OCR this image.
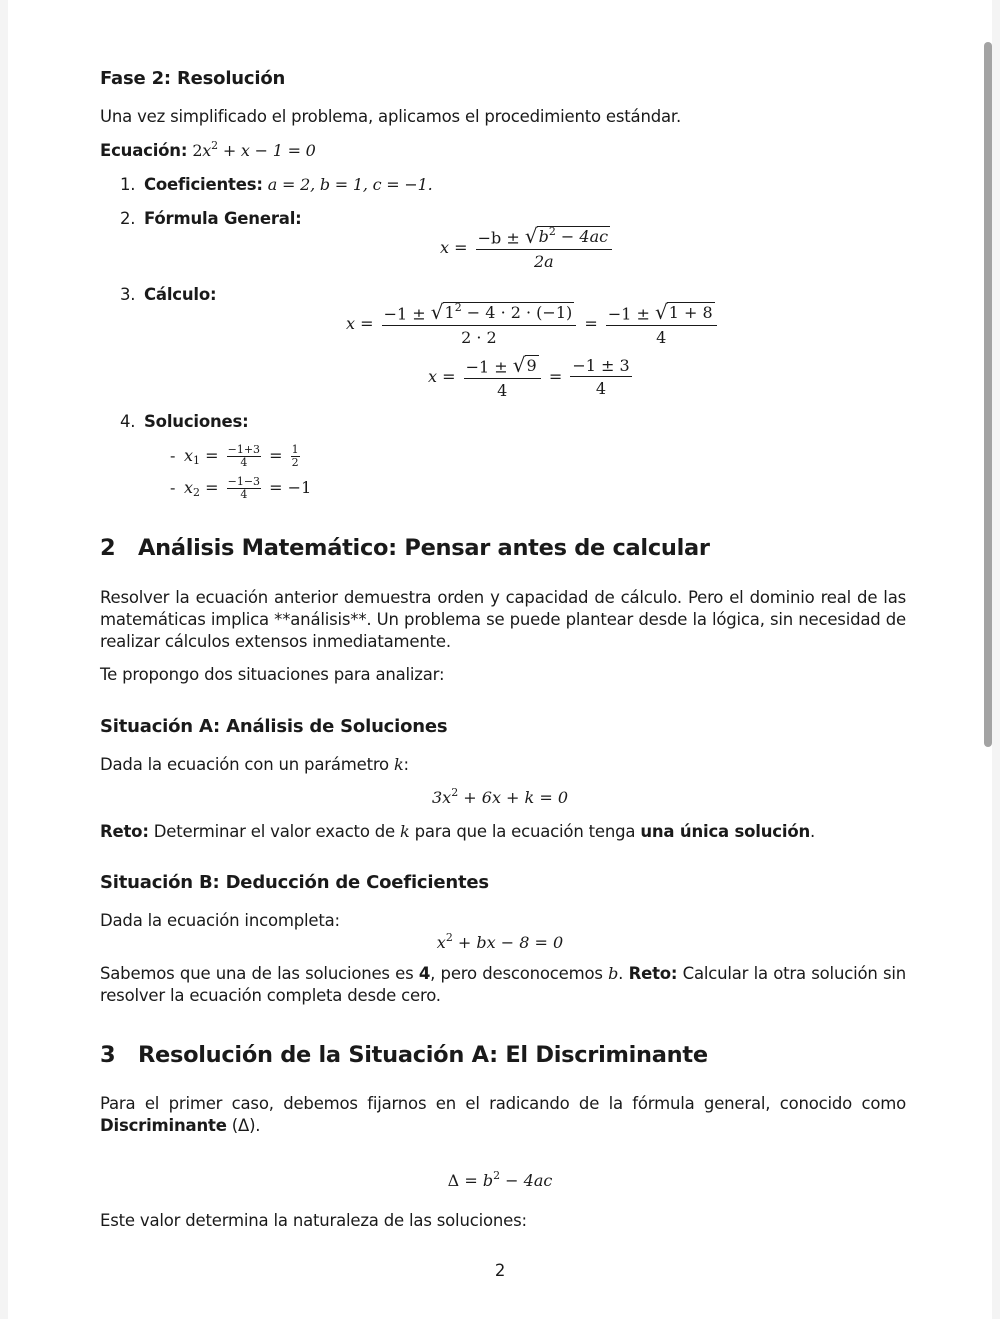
Fase 2: Resolución
Una vez simplificado el problema, aplicamos el procedimiento estándar.
Ecuación: $2x^2 + x - 1 = 0$
1. Coeficientes: a = 2, b = 1, c = −1.
2. Fórmula General:
$x = \frac{-b \pm √ b^2 - 4ac}{2a}$
3. Cálculo:
$x = \frac{-1 \pm √ 1^2 - 4 \cdot 2 \cdot (-1)}{2 \cdot 2} = \frac{-1 \pm √ 1 + 8}{4}$
$x = \frac{-1 \pm √ 9}{4} = \frac{-1 \pm 3}{4}$
4. Soluciones:
- $x_1 = \frac{-1+3}{4} = \frac{1}{2}$
- $x_2 = \frac{-1-3}{4} = -1$
2 Análisis Matemático: Pensar antes de calcular
Resolver la ecuación anterior demuestra orden y capacidad de cálculo. Pero el dominio real de las matemáticas implica **análisis**. Un problema se puede plantear desde la lógica, sin necesidad de realizar cálculos extensos inmediatamente.
Te propongo dos situaciones para analizar:
Situación A: Análisis de Soluciones
Dada la ecuación con un parámetro k:
$3x^2 + 6x + k = 0$
Reto: Determinar el valor exacto de k para que la ecuación tenga una única solución.
Situación B: Deducción de Coeficientes
Dada la ecuación incompleta:
$x^2$ + bx − 8 = 0
Sabemos que una de las soluciones es 4, pero desconocemos b. Reto: Calcular la otra solución sin resolver la ecuación completa desde cero.
3 Resolución de la Situación A: El Discriminante
Para el primer caso, debemos fijarnos en el radicando de la fórmula general, conocido como Discriminante (Δ).
$\Delta = b^2 - 4ac$
Este valor determina la naturaleza de las soluciones:
2
